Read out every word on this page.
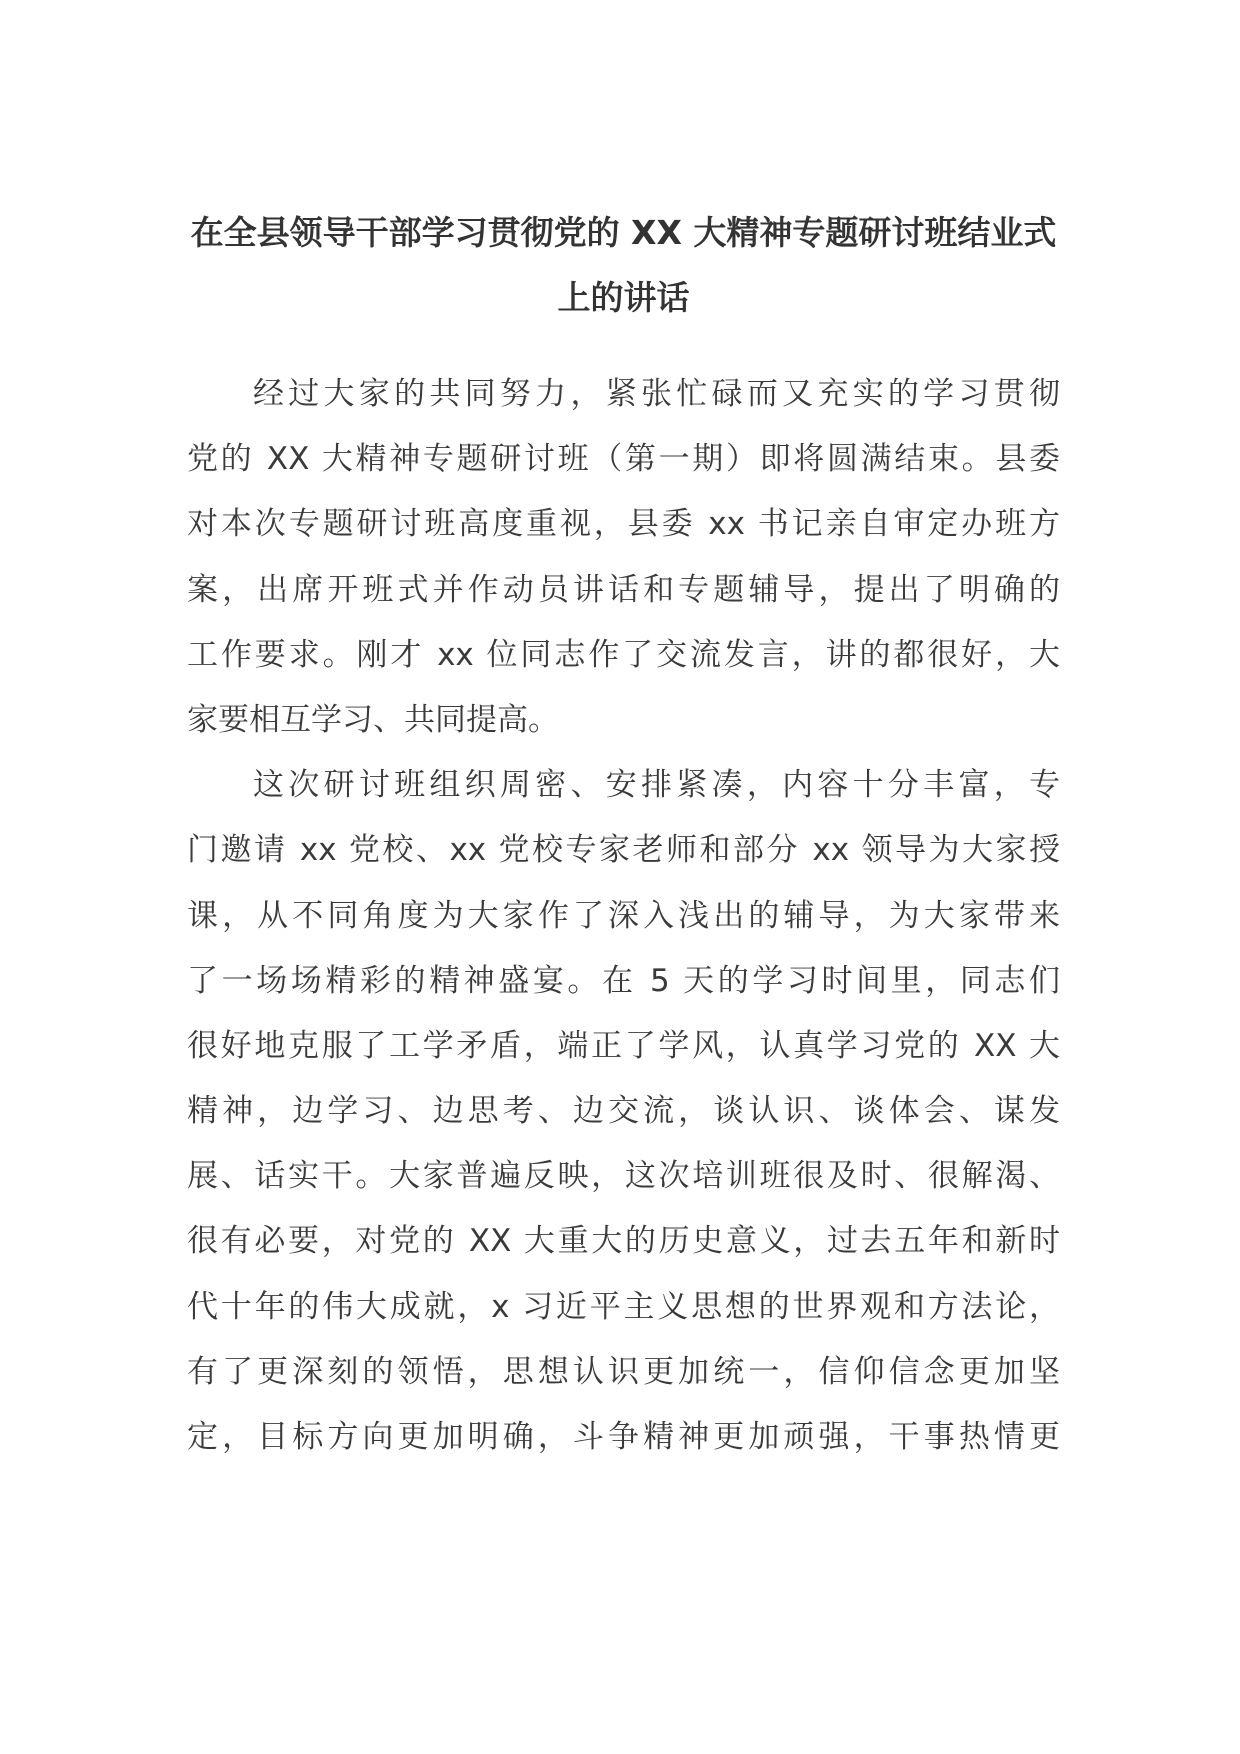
在全县领导干部学习贯彻党的 XX 大精神专题研讨班结业式
上的讲话
经过大家的共同努力，紧张忙碌而又充实的学习贯彻
党的 XX 大精神专题研讨班（第一期）即将圆满结束。县委
对本次专题研讨班高度重视，县委 xx 书记亲自审定办班方
案，出席开班式并作动员讲话和专题辅导，提出了明确的
工作要求。刚才 xx 位同志作了交流发言，讲的都很好，大
家要相互学习、共同提高。
这次研讨班组织周密、安排紧凑，内容十分丰富，专
门邀请 xx 党校、xx 党校专家老师和部分 xx 领导为大家授
课，从不同角度为大家作了深入浅出的辅导，为大家带来
了一场场精彩的精神盛宴。在 5 天的学习时间里，同志们
很好地克服了工学矛盾，端正了学风，认真学习党的 XX 大
精神，边学习、边思考、边交流，谈认识、谈体会、谋发
展、话实干。大家普遍反映，这次培训班很及时、很解渴、
很有必要，对党的 XX 大重大的历史意义，过去五年和新时
代十年的伟大成就，x 习近平主义思想的世界观和方法论，
有了更深刻的领悟，思想认识更加统一，信仰信念更加坚
定，目标方向更加明确，斗争精神更加顽强，干事热情更
